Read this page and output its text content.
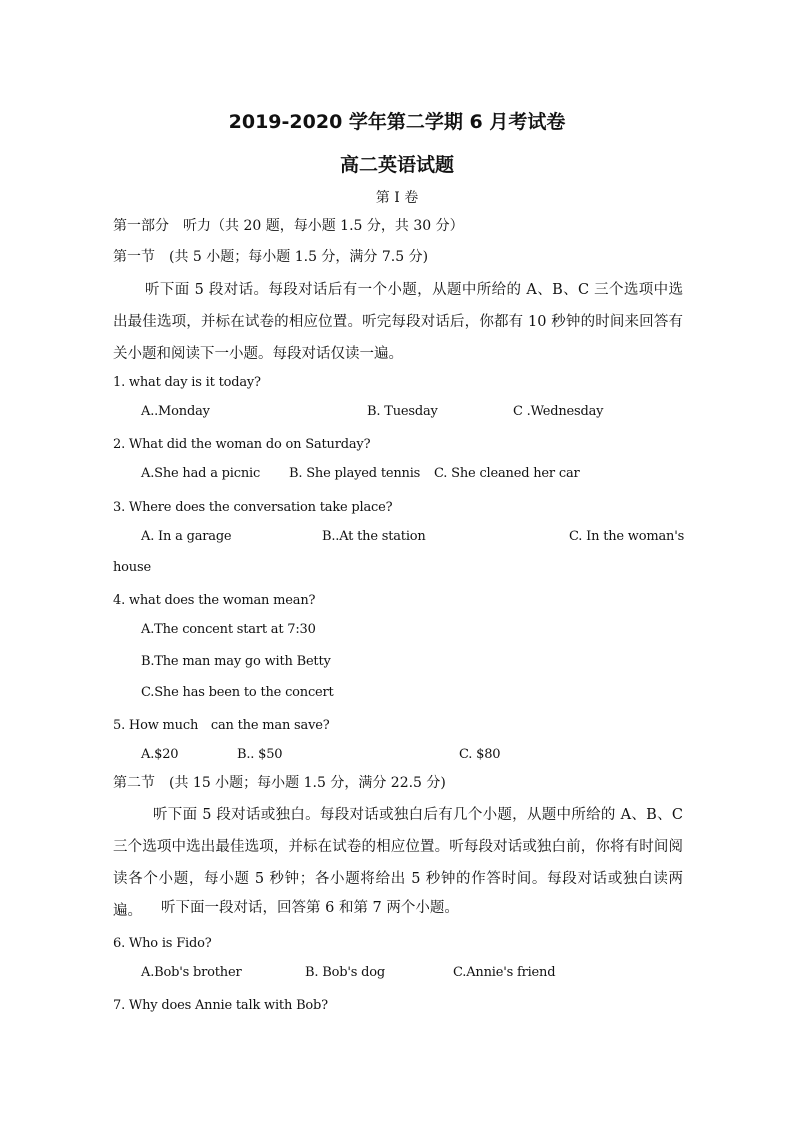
2019-2020 学年第二学期 6 月考试卷
高二英语试题
第 I 卷
第一部分　听力（共 20 题，每小题 1.5 分，共 30 分）
第一节　(共 5 小题；每小题 1.5 分，满分 7.5 分)
听下面 5 段对话。每段对话后有一个小题，从题中所给的 A、B、C 三个选项中选出最佳选项，并标在试卷的相应位置。听完每段对话后，你都有 10 秒钟的时间来回答有关小题和阅读下一小题。每段对话仅读一遍。
1. what day is it today?
A..Monday	B. Tuesday	C .Wednesday
2. What did the woman do on Saturday?
A.She had a picnic B. She played tennis C. She cleaned her car
3. Where does the conversation take place?
A. In a garage	B..At the station	C. In the woman's
house
4. what does the woman mean?
A.The concent start at 7:30
B.The man may go with Betty
C.She has been to the concert
5. How much　can the man save?
A.$20	B.. $50	C. $80
第二节　(共 15 小题；每小题 1.5 分，满分 22.5 分)
听下面 5 段对话或独白。每段对话或独白后有几个小题，从题中所给的 A、B、C 三个选项中选出最佳选项，并标在试卷的相应位置。听每段对话或独白前，你将有时间阅读各个小题，每小题 5 秒钟；各小题将给出 5 秒钟的作答时间。每段对话或独白读两遍。	听下面一段对话，回答第 6 和第 7 两个小题。
6. Who is Fido?
A.Bob's brother	B. Bob's dog	C.Annie's friend
7. Why does Annie talk with Bob?
